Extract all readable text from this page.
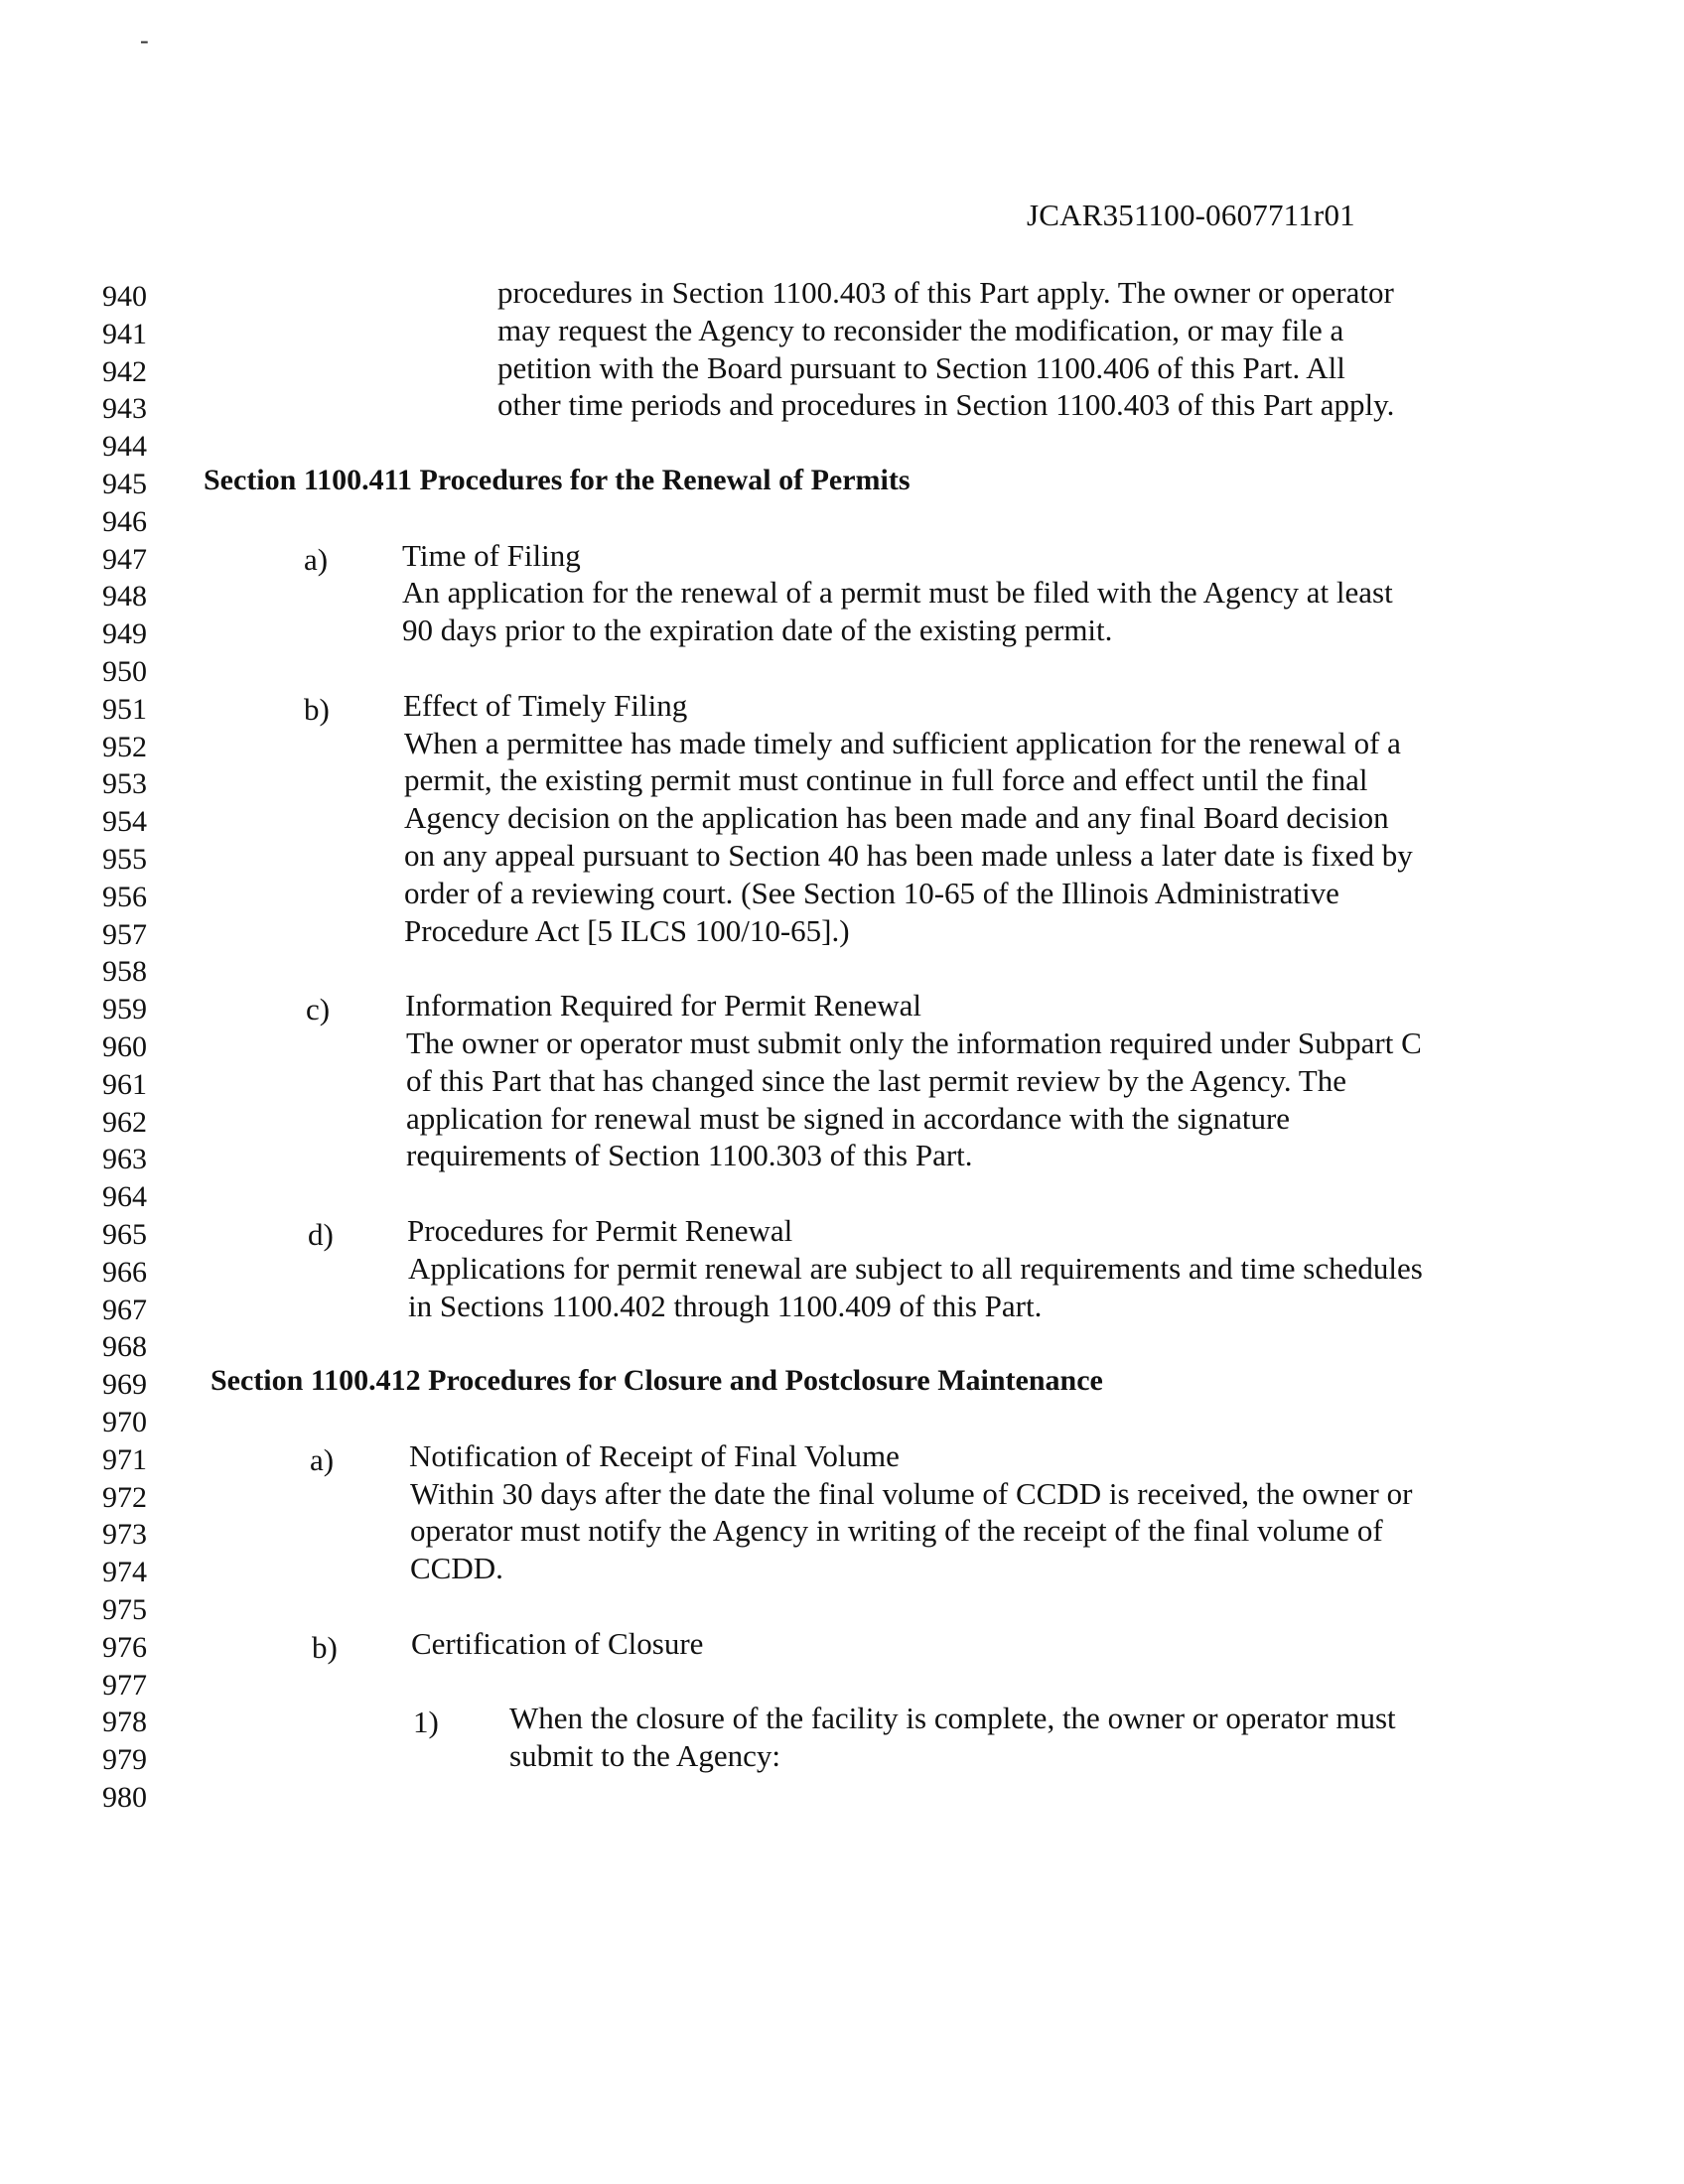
-
JCAR351100-0607711r01
940
941
942
943
944
945
946
947
948
949
950
951
952
953
954
955
956
957
958
959
960
961
962
963
964
965
966
967
968
969
970
971
972
973
974
975
976
977
978
979
980
procedures in Section 1100.403 of this Part apply. The owner or operator
may request the Agency to reconsider the modification, or may file a
petition with the Board pursuant to Section 1100.406 of this Part. All
other time periods and procedures in Section 1100.403 of this Part apply.
Section 1100.411 Procedures for the Renewal of Permits
a) Time of Filing
An application for the renewal of a permit must be filed with the Agency at least
90 days prior to the expiration date of the existing permit.
b) Effect of Timely Filing
When a permittee has made timely and sufficient application for the renewal of a
permit, the existing permit must continue in full force and effect until the final
Agency decision on the application has been made and any final Board decision
on any appeal pursuant to Section 40 has been made unless a later date is fixed by
order of a reviewing court. (See Section 10-65 of the Illinois Administrative
Procedure Act [5 ILCS 100/10-65].)
c) Information Required for Permit Renewal
The owner or operator must submit only the information required under Subpart C
of this Part that has changed since the last permit review by the Agency. The
application for renewal must be signed in accordance with the signature
requirements of Section 1100.303 of this Part.
d) Procedures for Permit Renewal
Applications for permit renewal are subject to all requirements and time schedules
in Sections 1100.402 through 1100.409 of this Part.
Section 1100.412 Procedures for Closure and Postclosure Maintenance
a) Notification of Receipt of Final Volume
Within 30 days after the date the final volume of CCDD is received, the owner or
operator must notify the Agency in writing of the receipt of the final volume of
CCDD.
b) Certification of Closure
1) When the closure of the facility is complete, the owner or operator must
submit to the Agency:
